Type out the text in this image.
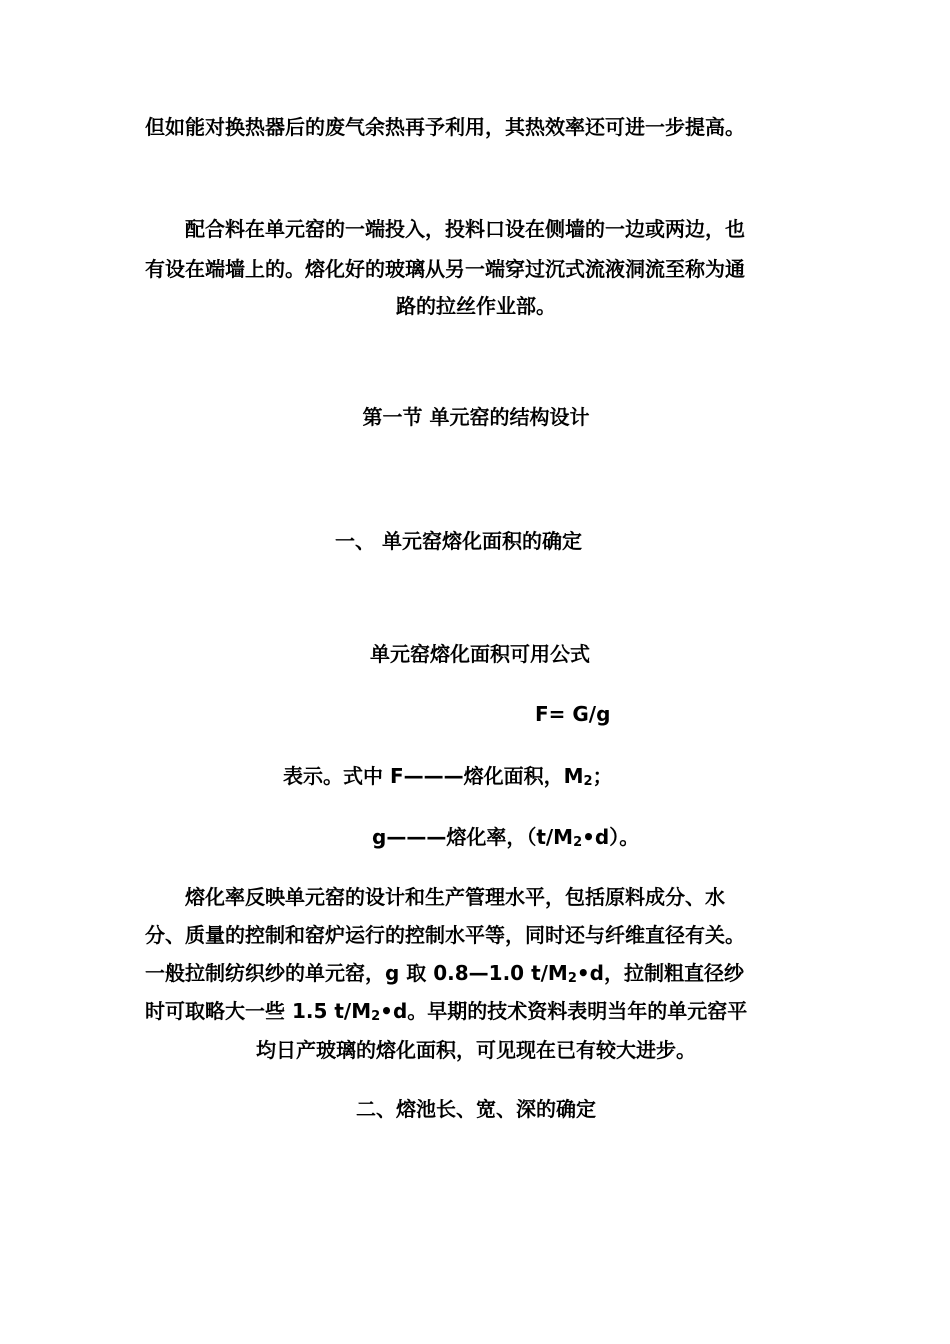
但如能对换热器后的废气余热再予利用，其热效率还可进一步提高。
　　配合料在单元窑的一端投入，投料口设在侧墙的一边或两边，也
有设在端墙上的。熔化好的玻璃从另一端穿过沉式流液洞流至称为通
路的拉丝作业部。
第一节 单元窑的结构设计
一、 单元窑熔化面积的确定
单元窑熔化面积可用公式
F= G/g
表示。式中 F———熔化面积，$M_2$；
g———熔化率，$(t/M_2•d)$。
　　熔化率反映单元窑的设计和生产管理水平，包括原料成分、水
分、质量的控制和窑炉运行的控制水平等，同时还与纤维直径有关。
一般拉制纺织纱的单元窑，g 取 0.8—1.0 $t/M_2•d$，拉制粗直径纱
时可取略大一些 1.5 $t/M_2•d$。早期的技术资料表明当年的单元窑平
均日产玻璃的熔化面积，可见现在已有较大进步。
二、熔池长、宽、深的确定
